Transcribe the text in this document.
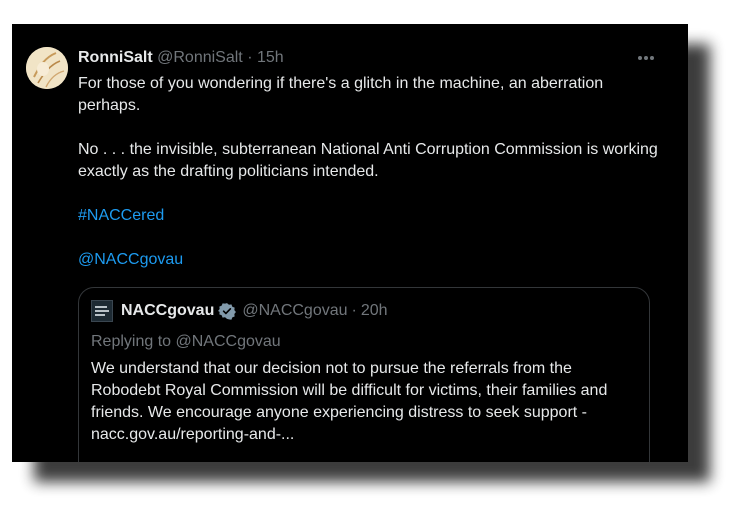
RonniSalt @RonniSalt · 15h

For those of you wondering if there's a glitch in the machine, an aberration perhaps.

No . . . the invisible, subterranean National Anti Corruption Commission is working exactly as the drafting politicians intended.

#NACCered

@NACCgovau

NACCgovau @NACCgovau · 20h
Replying to @NACCgovau

We understand that our decision not to pursue the referrals from the Robodebt Royal Commission will be difficult for victims, their families and friends. We encourage anyone experiencing distress to seek support - nacc.gov.au/reporting-and-...
